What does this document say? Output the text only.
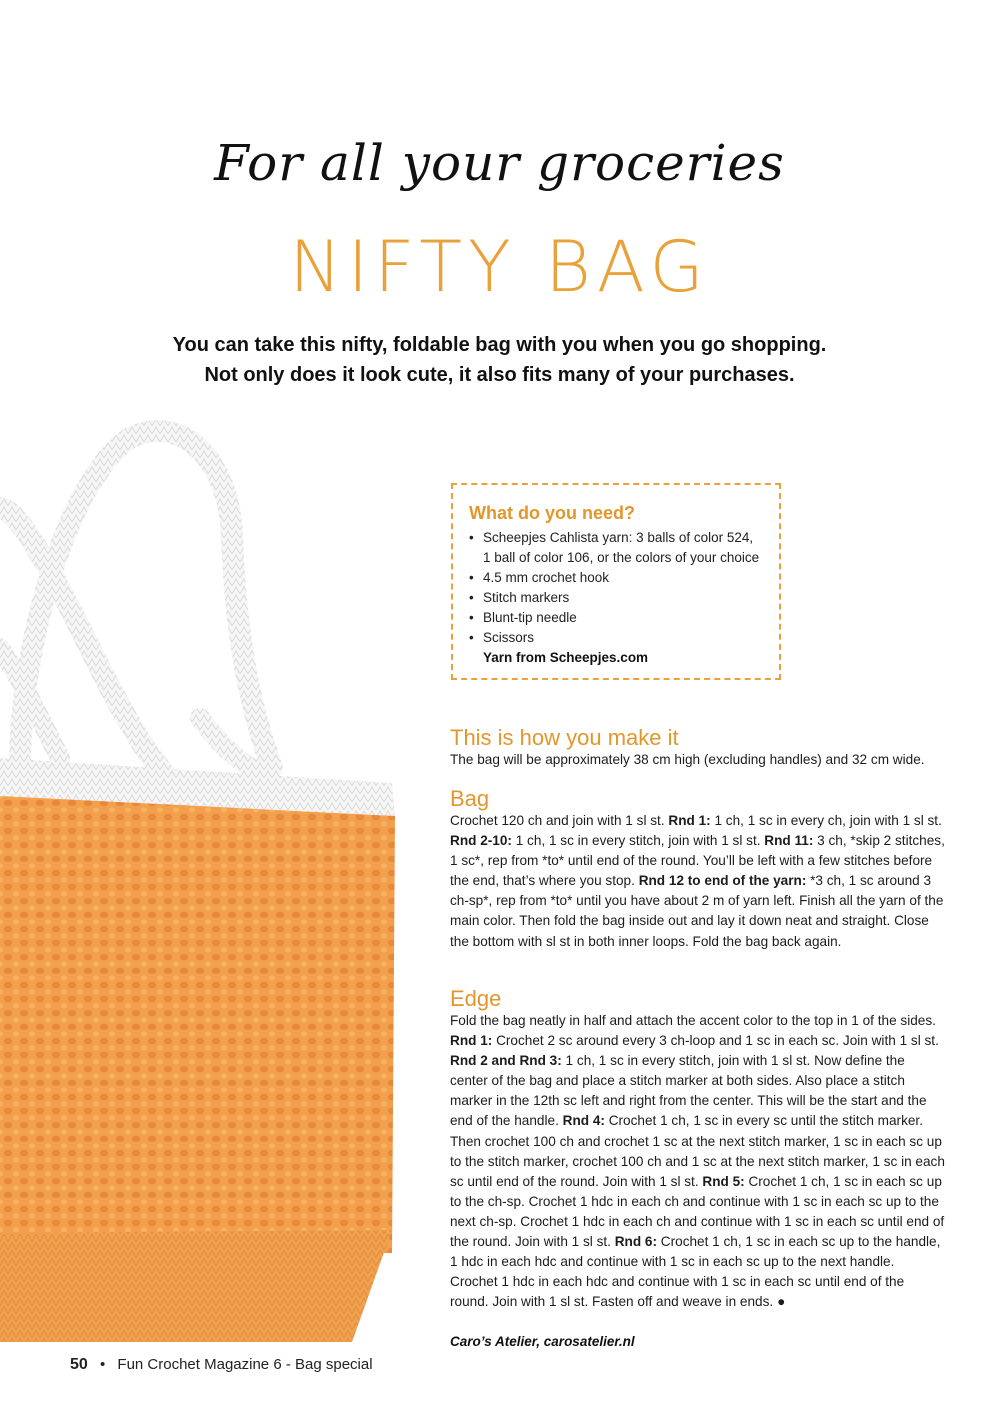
For all your groceries
NIFTY BAG
You can take this nifty, foldable bag with you when you go shopping.
Not only does it look cute, it also fits many of your purchases.
What do you need?
• Scheepjes Cahlista yarn: 3 balls of color 524,
1 ball of color 106, or the colors of your choice
• 4.5 mm crochet hook
• Stitch markers
• Blunt-tip needle
• Scissors
Yarn from Scheepjes.com
This is how you make it

The bag will be approximately 38 cm high (excluding handles) and 32 cm wide.

Bag

Crochet 120 ch and join with 1 sl st. Rnd 1: 1 ch, 1 sc in every ch, join with 1 sl st. Rnd 2-10: 1 ch, 1 sc in every stitch, join with 1 sl st. Rnd 11: 3 ch, *skip 2 stitches, 1 sc*, rep from *to* until end of the round. You’ll be left with a few stitches before the end, that’s where you stop. Rnd 12 to end of the yarn: *3 ch, 1 sc around 3 ch-sp*, rep from *to* until you have about 2 m of yarn left. Finish all the yarn of the main color. Then fold the bag inside out and lay it down neat and straight. Close the bottom with sl st in both inner loops. Fold the bag back again.

Edge

Fold the bag neatly in half and attach the accent color to the top in 1 of the sides. Rnd 1: Crochet 2 sc around every 3 ch-loop and 1 sc in each sc. Join with 1 sl st. Rnd 2 and Rnd 3: 1 ch, 1 sc in every stitch, join with 1 sl st. Now define the center of the bag and place a stitch marker at both sides. Also place a stitch marker in the 12th sc left and right from the center. This will be the start and the end of the handle. Rnd 4: Crochet 1 ch, 1 sc in every sc until the stitch marker. Then crochet 100 ch and crochet 1 sc at the next stitch marker, 1 sc in each sc up to the stitch marker, crochet 100 ch and 1 sc at the next stitch marker, 1 sc in each sc until end of the round. Join with 1 sl st. Rnd 5: Crochet 1 ch, 1 sc in each sc up to the ch-sp. Crochet 1 hdc in each ch and continue with 1 sc in each sc up to the next ch-sp. Crochet 1 hdc in each ch and continue with 1 sc in each sc until end of the round. Join with 1 sl st. Rnd 6: Crochet 1 ch, 1 sc in each sc up to the handle, 1 hdc in each hdc and continue with 1 sc in each sc up to the next handle. Crochet 1 hdc in each hdc and continue with 1 sc in each sc until end of the round. Join with 1 sl st. Fasten off and weave in ends. ●

Caro’s Atelier, carosatelier.nl
50 • Fun Crochet Magazine 6 - Bag special
